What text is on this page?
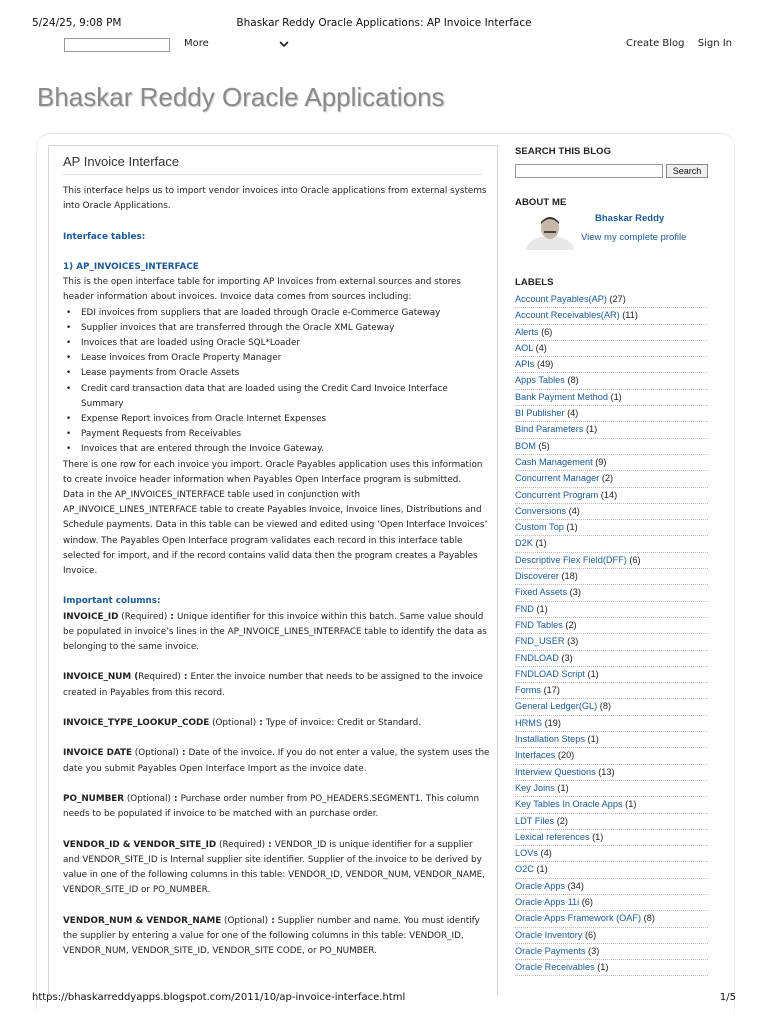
5/24/25, 9:08 PM	Bhaskar Reddy Oracle Applications: AP Invoice Interface
More	Create Blog Sign In
Bhaskar Reddy Oracle Applications
AP Invoice Interface

This interface helps us to import vendor invoices into Oracle applications from external systems into Oracle Applications.

Interface tables:

1) AP_INVOICES_INTERFACE

This is the open interface table for importing AP Invoices from external sources and stores header information about invoices. Invoice data comes from sources including:

• EDI invoices from suppliers that are loaded through Oracle e-Commerce Gateway
• Supplier invoices that are transferred through the Oracle XML Gateway
• Invoices that are loaded using Oracle SQL*Loader
• Lease invoices from Oracle Property Manager
• Lease payments from Oracle Assets
• Credit card transaction data that are loaded using the Credit Card Invoice Interface Summary
• Expense Report invoices from Oracle Internet Expenses
• Payment Requests from Receivables
• Invoices that are entered through the Invoice Gateway.

There is one row for each invoice you import. Oracle Payables application uses this information to create invoice header information when Payables Open Interface program is submitted.

Data in the AP_INVOICES_INTERFACE table used in conjunction with AP_INVOICE_LINES_INTERFACE table to create Payables Invoice, Invoice lines, Distributions and Schedule payments. Data in this table can be viewed and edited using ‘Open Interface Invoices’ window. The Payables Open Interface program validates each record in this interface table selected for import, and if the record contains valid data then the program creates a Payables Invoice.

Important columns:

INVOICE_ID (Required) : Unique identifier for this invoice within this batch. Same value should be populated in invoice’s lines in the AP_INVOICE_LINES_INTERFACE table to identify the data as belonging to the same invoice.

INVOICE_NUM (Required) : Enter the invoice number that needs to be assigned to the invoice created in Payables from this record.

INVOICE_TYPE_LOOKUP_CODE (Optional) : Type of invoice: Credit or Standard.

INVOICE DATE (Optional) : Date of the invoice. If you do not enter a value, the system uses the date you submit Payables Open Interface Import as the invoice date.

PO_NUMBER (Optional) : Purchase order number from PO_HEADERS.SEGMENT1. This column needs to be populated if invoice to be matched with an purchase order.

VENDOR_ID & VENDOR_SITE_ID (Required) : VENDOR_ID is unique identifier for a supplier and VENDOR_SITE_ID is Internal supplier site identifier. Supplier of the invoice to be derived by value in one of the following columns in this table: VENDOR_ID, VENDOR_NUM, VENDOR_NAME, VENDOR_SITE_ID or PO_NUMBER.

VENDOR_NUM & VENDOR_NAME (Optional) : Supplier number and name. You must identify the supplier by entering a value for one of the following columns in this table: VENDOR_ID, VENDOR_NUM, VENDOR_SITE_ID, VENDOR_SITE CODE, or PO_NUMBER.

SEARCH THIS BLOG
Search
ABOUT ME
Bhaskar Reddy
View my complete profile
LABELS
Account Payables(AP) (27)
Account Receivables(AR) (11)
Alerts (6)
AOL (4)
APIs (49)
Apps Tables (8)
Bank Payment Method (1)
BI Publisher (4)
Bind Parameters (1)
BOM (5)
Cash Management (9)
Concurrent Manager (2)
Concurrent Program (14)
Conversions (4)
Custom Top (1)
D2K (1)
Descriptive Flex Field(DFF) (6)
Discoverer (18)
Fixed Assets (3)
FND (1)
FND Tables (2)
FND_USER (3)
FNDLOAD (3)
FNDLOAD Script (1)
Forms (17)
General Ledger(GL) (8)
HRMS (19)
Installation Steps (1)
Interfaces (20)
Interview Questions (13)
Key Joins (1)
Key Tables In Oracle Apps (1)
LDT Files (2)
Lexical references (1)
LOVs (4)
O2C (1)
Oracle Apps (34)
Oracle Apps 11i (6)
Oracle Apps Framework (OAF) (8)
Oracle Inventory (6)
Oracle Payments (3)
Oracle Receivables (1)
https://bhaskarreddyapps.blogspot.com/2011/10/ap-invoice-interface.html	1/5
